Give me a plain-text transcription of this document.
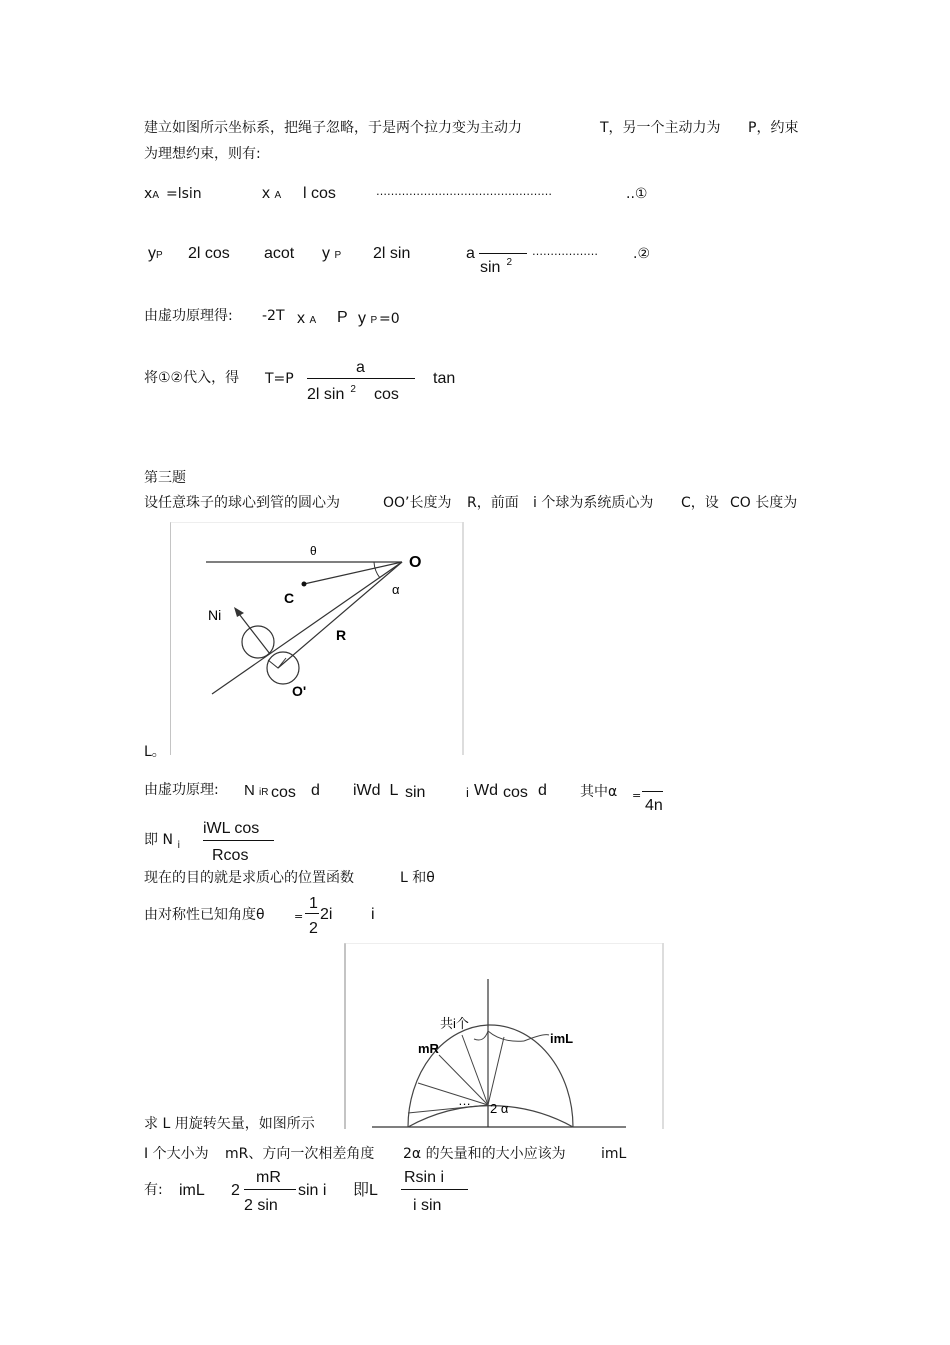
建立如图所示坐标系，把绳子忽略，于是两个拉力变为主动力	T，另一个主动力为 P，约束
为理想约束，则有:
xA =lsin	x A l cos	…………………………………………	..①
yP 2l cos acot y P 2l sin	a
sin $^2$
………………	.②
由虚功原理得: -2T x A P y P =0
将①②代入，得 T=P
a
2l sin $^2$ cos
tan
第三题
设任意珠子的球心到管的圆心为	OO’长度为 R，前面 i 个球为系统质心为 C，设 CO 长度为
θ
O
C
α
Ni
R
O'
L。
由虚功原理: N iR cos d iWd  L sin	i Wd cos d 其中α =
4n
即 N $_i$
iWL cos
Rcos
现在的目的就是求质心的位置函数	L 和θ
由对称性已知角度θ	=
1
2
2i i
共i个
mR
imL
…
2 α
求 L 用旋转矢量，如图所示
I 个大小为 mR、方向一次相差角度 2α 的矢量和的大小应该为	imL
有: imL 2
mR
2 sin
sin i 即L
Rsin i
i sin
